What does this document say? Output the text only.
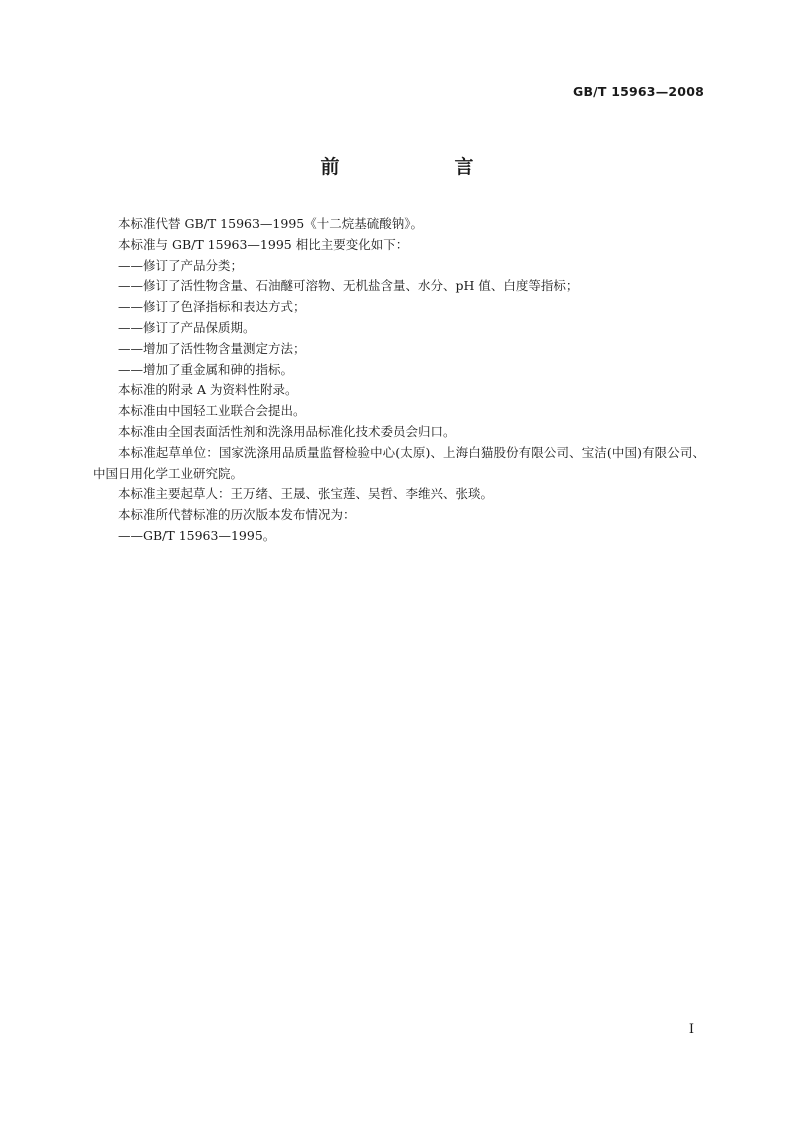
GB/T 15963—2008
前　言

本标准代替 GB/T 15963—1995《十二烷基硫酸钠》。

本标准与 GB/T 15963—1995 相比主要变化如下：

——修订了产品分类；

——修订了活性物含量、石油醚可溶物、无机盐含量、水分、pH 值、白度等指标；

——修订了色泽指标和表达方式；

——修订了产品保质期。

——增加了活性物含量测定方法；

——增加了重金属和砷的指标。

本标准的附录 A 为资料性附录。

本标准由中国轻工业联合会提出。

本标准由全国表面活性剂和洗涤用品标准化技术委员会归口。

本标准起草单位：国家洗涤用品质量监督检验中心(太原)、上海白猫股份有限公司、宝洁(中国)有限公司、中国日用化学工业研究院。

本标准主要起草人：王万绪、王晟、张宝莲、吴哲、李维兴、张琰。

本标准所代替标准的历次版本发布情况为：

——GB/T 15963—1995。

I
